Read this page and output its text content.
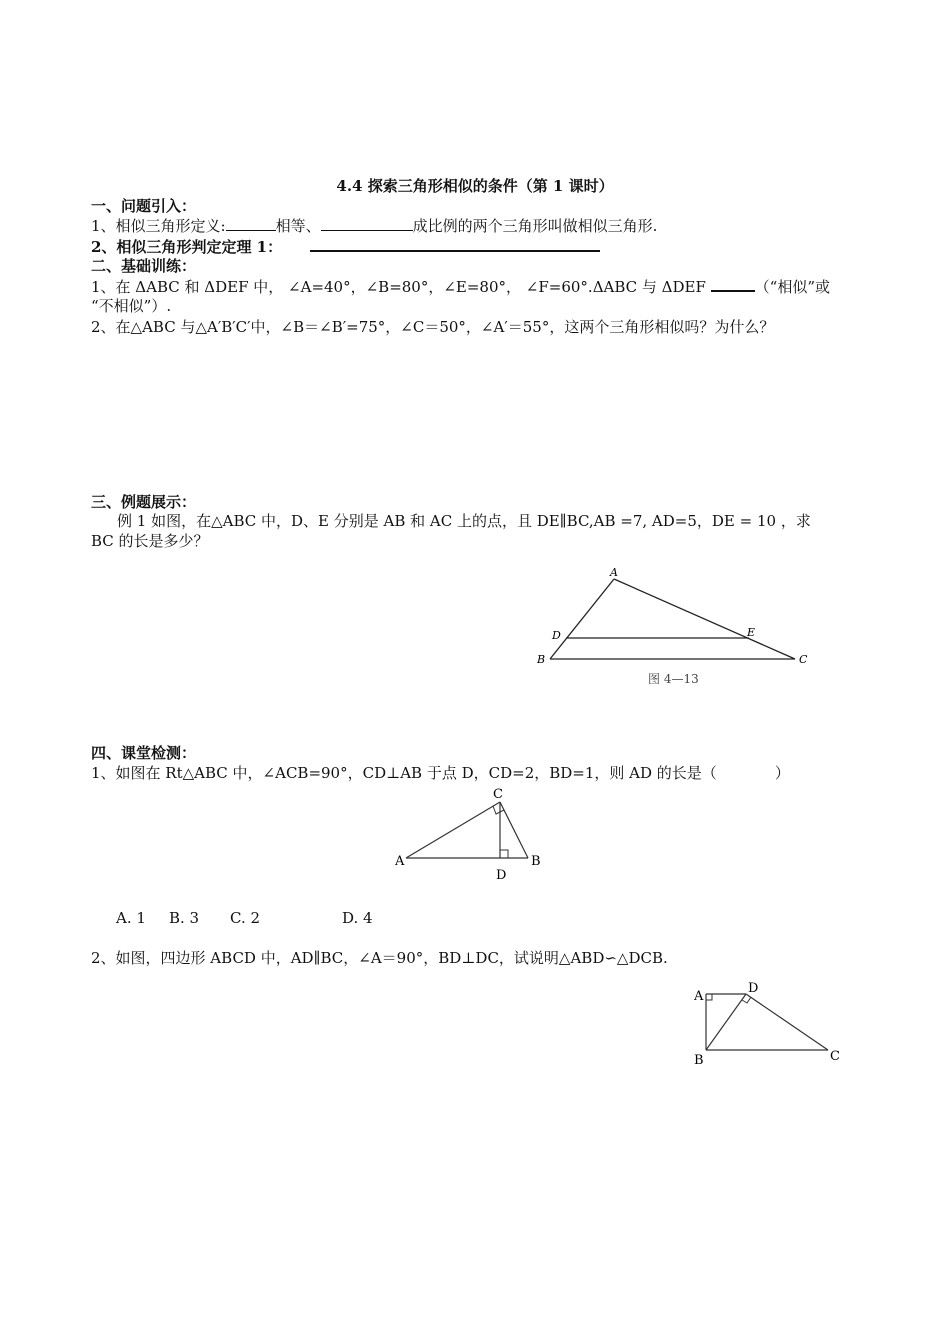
4.4 探索三角形相似的条件（第 1 课时）
一、问题引入：
1、相似三角形定义:	相等、	成比例的两个三角形叫做相似三角形.
2、相似三角形判定定理 1：
二、基础训练：
1、在 ΔABC 和 ΔDEF 中， ∠A=40°，∠B=80°，∠E=80°， ∠F=60°.ΔABC 与 ΔDEF	（“相似”或
“不相似”）.
2、在△ABC 与△A′B′C′中，∠B＝∠B′=75°，∠C＝50°，∠A′＝55°，这两个三角形相似吗？为什么？
三、例题展示：
例 1 如图，在△ABC 中，D、E 分别是 AB 和 AC 上的点，且 DE∥BC,AB =7, AD=5，DE = 10 ，求
BC 的长是多少？
A
B	C
D	E
图 4—13
四、课堂检测：
1、如图在 Rt△ABC 中，∠ACB=90°，CD⊥AB 于点 D，CD=2，BD=1，则 AD 的长是（	）
C
A	B
D
A. 1 B. 3 C. 2	D. 4
2、如图，四边形 ABCD 中，AD∥BC，∠A＝90°，BD⊥DC，试说明△ABD∽△DCB.
A
D
B	C
